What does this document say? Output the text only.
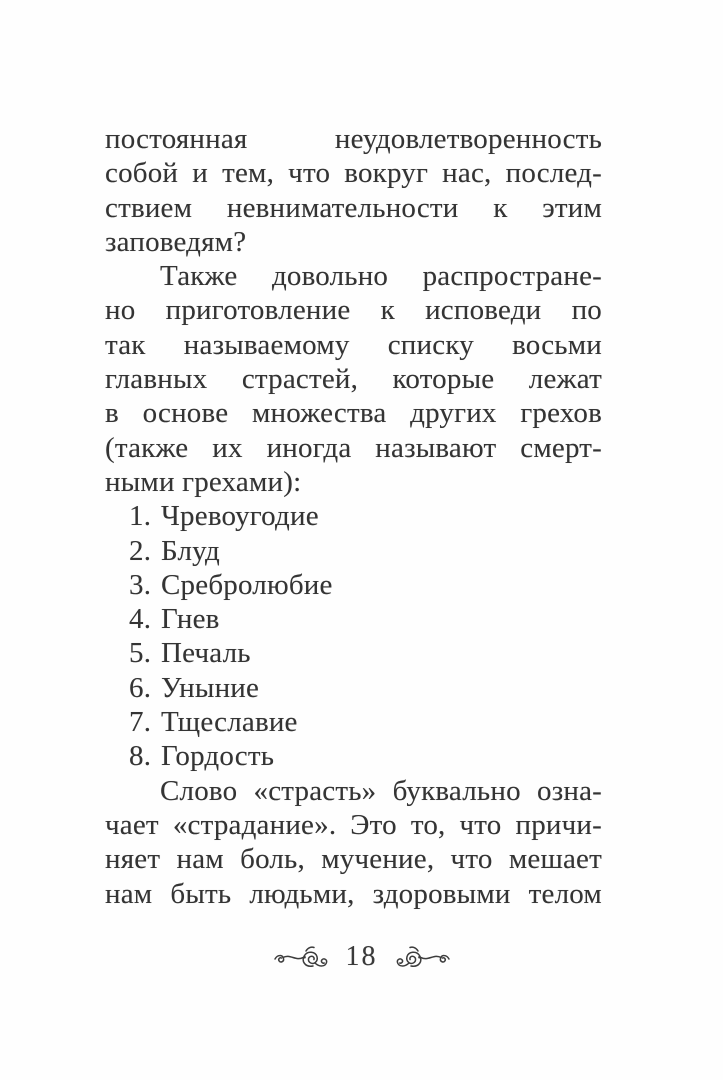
постоянная неудовлетворенность
собой и тем, что вокруг нас, послед-
ствием невнимательности к этим
заповедям?
Также довольно распростране-
но приготовление к исповеди по
так называемому списку восьми
главных страстей, которые лежат
в основе множества других грехов
(также их иногда называют смерт-
ными грехами):
1. Чревоугодие
2. Блуд
3. Сребролюбие
4. Гнев
5. Печаль
6. Уныние
7. Тщеславие
8. Гордость
Слово «страсть» буквально озна-
чает «страдание». Это то, что причи-
няет нам боль, мучение, что мешает
нам быть людьми, здоровыми телом
18
